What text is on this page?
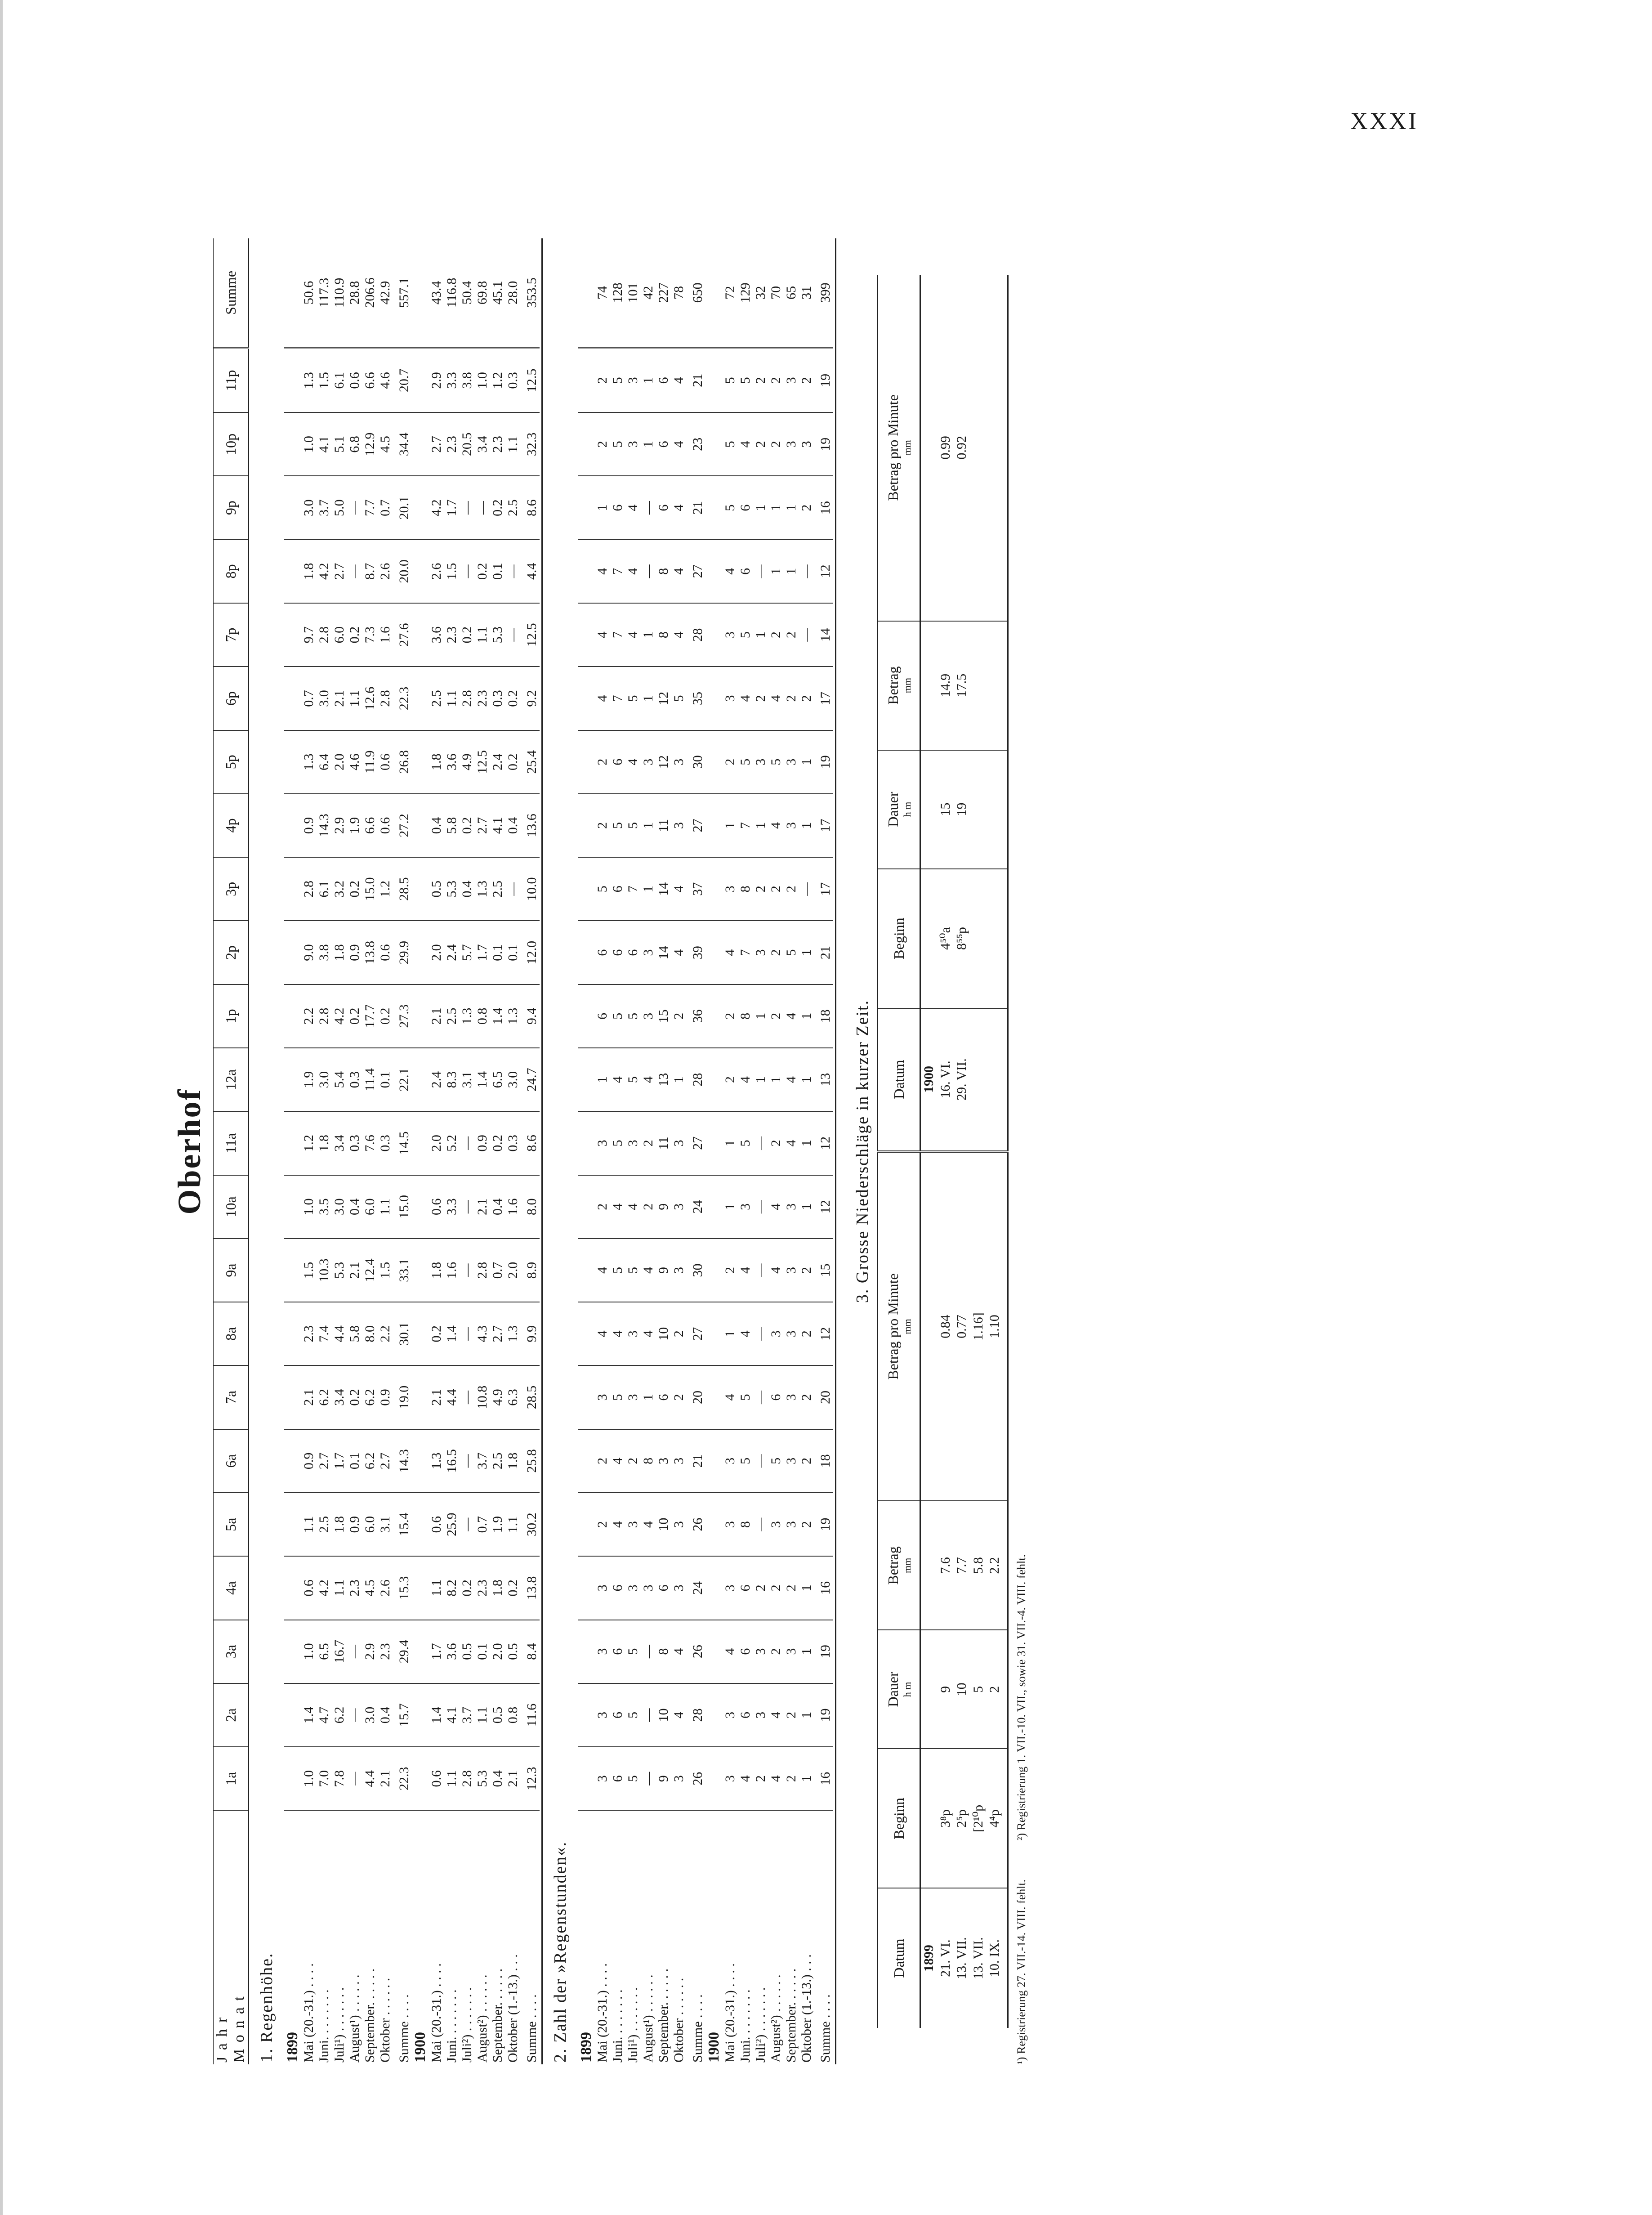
XXXI
Oberhof
J a h r
M o n a t	1a	2a	3a	4a	5a	6a	7a	8a	9a	10a	11a	12a	1p	2p	3p	4p	5p	6p	7p	8p	9p	10p	11p	Summe
1. Regenhöhe.																								
1899																								
Mai (20.-31.) . . . .	1.0	1.4	1.0	0.6	1.1	0.9	2.1	2.3	1.5	1.0	1.2	1.9	2.2	9.0	2.8	0.9	1.3	0.7	9.7	1.8	3.0	1.0	1.3	50.6
Juni. . . . . . . .	7.0	4.7	6.5	4.2	2.5	2.7	6.2	7.4	10.3	3.5	1.8	3.0	2.8	3.8	6.1	14.3	6.4	3.0	2.8	4.2	3.7	4.1	1.5	117.3
Juli¹) . . . . . . .	7.8	6.2	16.7	1.1	1.8	1.7	3.4	4.4	5.3	3.0	3.4	5.4	4.2	1.8	3.2	2.9	2.0	2.1	6.0	2.7	5.0	5.1	6.1	110.9
August¹) . . . . . .	—	—	—	2.3	0.9	0.1	0.2	5.8	2.1	0.4	0.3	0.3	0.2	0.9	0.2	1.9	4.6	1.1	0.2	—	—	6.8	0.6	28.8
September. . . . . .	4.4	3.0	2.9	4.5	6.0	6.2	6.2	8.0	12.4	6.0	7.6	11.4	17.7	13.8	15.0	6.6	11.9	12.6	7.3	8.7	7.7	12.9	6.6	206.6
Oktober . . . . . .	2.1	0.4	2.3	2.6	3.1	2.7	0.9	2.2	1.5	1.1	0.3	0.1	0.2	0.6	1.2	0.6	0.6	2.8	1.6	2.6	0.7	4.5	4.6	42.9
Summe . . . .	22.3	15.7	29.4	15.3	15.4	14.3	19.0	30.1	33.1	15.0	14.5	22.1	27.3	29.9	28.5	27.2	26.8	22.3	27.6	20.0	20.1	34.4	20.7	557.1
1900																								
Mai (20.-31.) . . . .	0.6	1.4	1.7	1.1	0.6	1.3	2.1	0.2	1.8	0.6	2.0	2.4	2.1	2.0	0.5	0.4	1.8	2.5	3.6	2.6	4.2	2.7	2.9	43.4
Juni. . . . . . . .	1.1	4.1	3.6	8.2	25.9	16.5	4.4	1.4	1.6	3.3	5.2	8.3	2.5	2.4	5.3	5.8	3.6	1.1	2.3	1.5	1.7	2.3	3.3	116.8
Juli²) . . . . . . .	2.8	3.7	0.5	0.2	—	—	—	—	—	—	—	3.1	1.3	5.7	0.4	0.2	4.9	2.8	0.2	—	—	20.5	3.8	50.4
August²) . . . . . .	5.3	1.1	0.1	2.3	0.7	3.7	10.8	4.3	2.8	2.1	0.9	1.4	0.8	1.7	1.3	2.7	12.5	2.3	1.1	0.2	—	3.4	1.0	69.8
September. . . . . .	0.4	0.5	2.0	1.8	1.9	2.5	4.9	2.7	0.7	0.4	0.2	6.5	1.4	0.1	2.5	4.1	2.4	0.3	5.3	0.1	0.2	2.3	1.2	45.1
Oktober (1.-13.) . . .	2.1	0.8	0.5	0.2	1.1	1.8	6.3	1.3	2.0	1.6	0.3	3.0	1.3	0.1	—	0.4	0.2	0.2	—	—	2.5	1.1	0.3	28.0
Summe . . . .	12.3	11.6	8.4	13.8	30.2	25.8	28.5	9.9	8.9	8.0	8.6	24.7	9.4	12.0	10.0	13.6	25.4	9.2	12.5	4.4	8.6	32.3	12.5	353.5

2. Zahl der »Regenstunden«.																								
1899																								
Mai (20.-31.) . . . .	3	3	3	3	2	2	3	4	4	2	3	1	6	6	5	2	2	4	4	4	1	2	2	74
Juni. . . . . . . .	6	6	6	6	4	4	5	4	5	4	5	4	5	6	6	5	6	7	7	7	6	5	5	128
Juli¹) . . . . . . .	5	5	5	3	3	2	3	3	5	4	3	5	5	6	7	5	4	5	4	4	4	3	3	101
August¹) . . . . . .	—	—	—	3	4	8	1	4	4	2	2	4	3	3	1	1	3	1	1	—	—	1	1	42
September. . . . . .	9	10	8	6	10	3	6	10	9	9	11	13	15	14	14	11	12	12	8	8	6	6	6	227
Oktober . . . . . .	3	4	4	3	3	3	2	2	3	3	3	1	2	4	4	3	3	5	4	4	4	4	4	78
Summe . . . .	26	28	26	24	26	21	20	27	30	24	27	28	36	39	37	27	30	35	28	27	21	23	21	650
1900																								
Mai (20.-31.) . . . .	3	3	4	3	3	3	4	1	2	1	1	2	2	4	3	1	2	3	3	4	5	5	5	72
Juni. . . . . . . .	4	6	6	6	8	5	5	4	4	3	5	4	8	7	8	7	5	4	5	6	6	4	5	129
Juli²) . . . . . . .	2	3	3	2	—	—	—	—	—	—	—	1	1	3	2	1	3	2	1	—	1	2	2	32
August²) . . . . . .	4	4	2	2	3	5	6	3	4	4	2	1	2	2	2	4	5	4	2	1	1	2	2	70
September. . . . . .	2	2	3	2	3	3	3	3	3	3	4	4	4	5	2	3	3	2	2	1	1	3	3	65
Oktober (1.-13.) . . .	1	1	1	1	2	2	2	2	2	1	1	1	1	1	—	1	1	2	—	—	2	3	2	31
Summe . . . .	16	19	19	16	19	18	20	12	15	12	12	13	18	21	17	17	19	17	14	12	16	19	19	399

3. Grosse Niederschläge in kurzer Zeit.
Datum	Beginn	Dauer h m	Betrag mm	Betrag pro Minute mm	Datum	Beginn	Dauer h m	Betrag mm	Betrag pro Minute mm

1899					1900				
21. VI.	3⁸p	9	7.6	0.84	16. VI.	4⁵⁰a	15	14.9	0.99
13. VII.	2⁵p	10	7.7	0.77	29. VII.	8⁵⁵p	19	17.5	0.92
13. VII.	[2¹⁰p	5	5.8	1.16]					
10. IX.	4⁴p	2	2.2	1.10					

¹) Registrierung 27. VII.-14. VIII. fehlt. ²) Registrierung 1. VII.-10. VII., sowie 31. VII.-4. VIII. fehlt.
